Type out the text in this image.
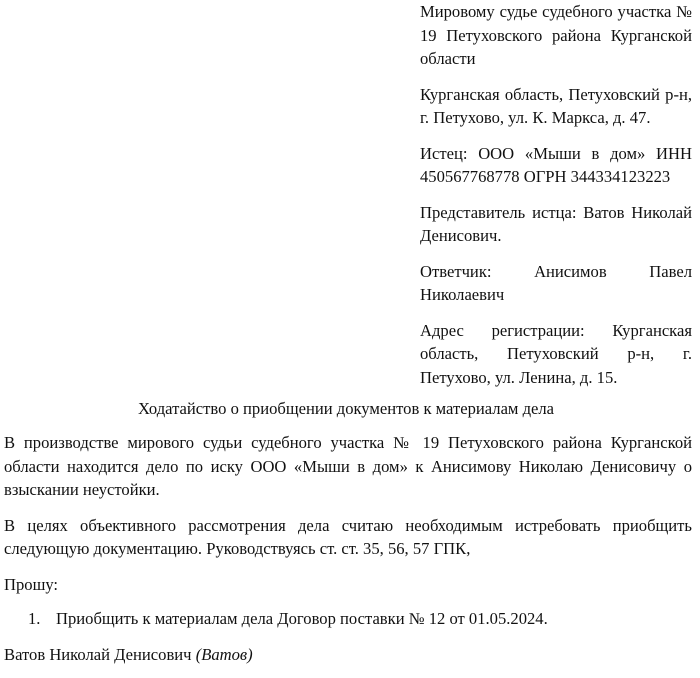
Мировому судье судебного участка № 19 Петуховского района Курганской области

Курганская область, Петуховский р-н, г. Петухово, ул. К. Маркса, д. 47.

Истец: ООО «Мыши в дом» ИНН 450567768778 ОГРН 344334123223

Представитель истца: Ватов Николай Денисович.

Ответчик: Анисимов Павел Николаевич

Адрес регистрации: Курганская область, Петуховский р-н, г. Петухово, ул. Ленина, д. 15.

Ходатайство о приобщении документов к материалам дела

В производстве мирового судьи судебного участка № 19 Петуховского района Курганской области находится дело по иску ООО «Мыши в дом» к Анисимову Николаю Денисовичу о взыскании неустойки.

В целях объективного рассмотрения дела считаю необходимым истребовать приобщить следующую документацию. Руководствуясь ст. ст. 35, 56, 57 ГПК,

Прошу:

1. Приобщить к материалам дела Договор поставки № 12 от 01.05.2024.

Ватов Николай Денисович (Ватов)
